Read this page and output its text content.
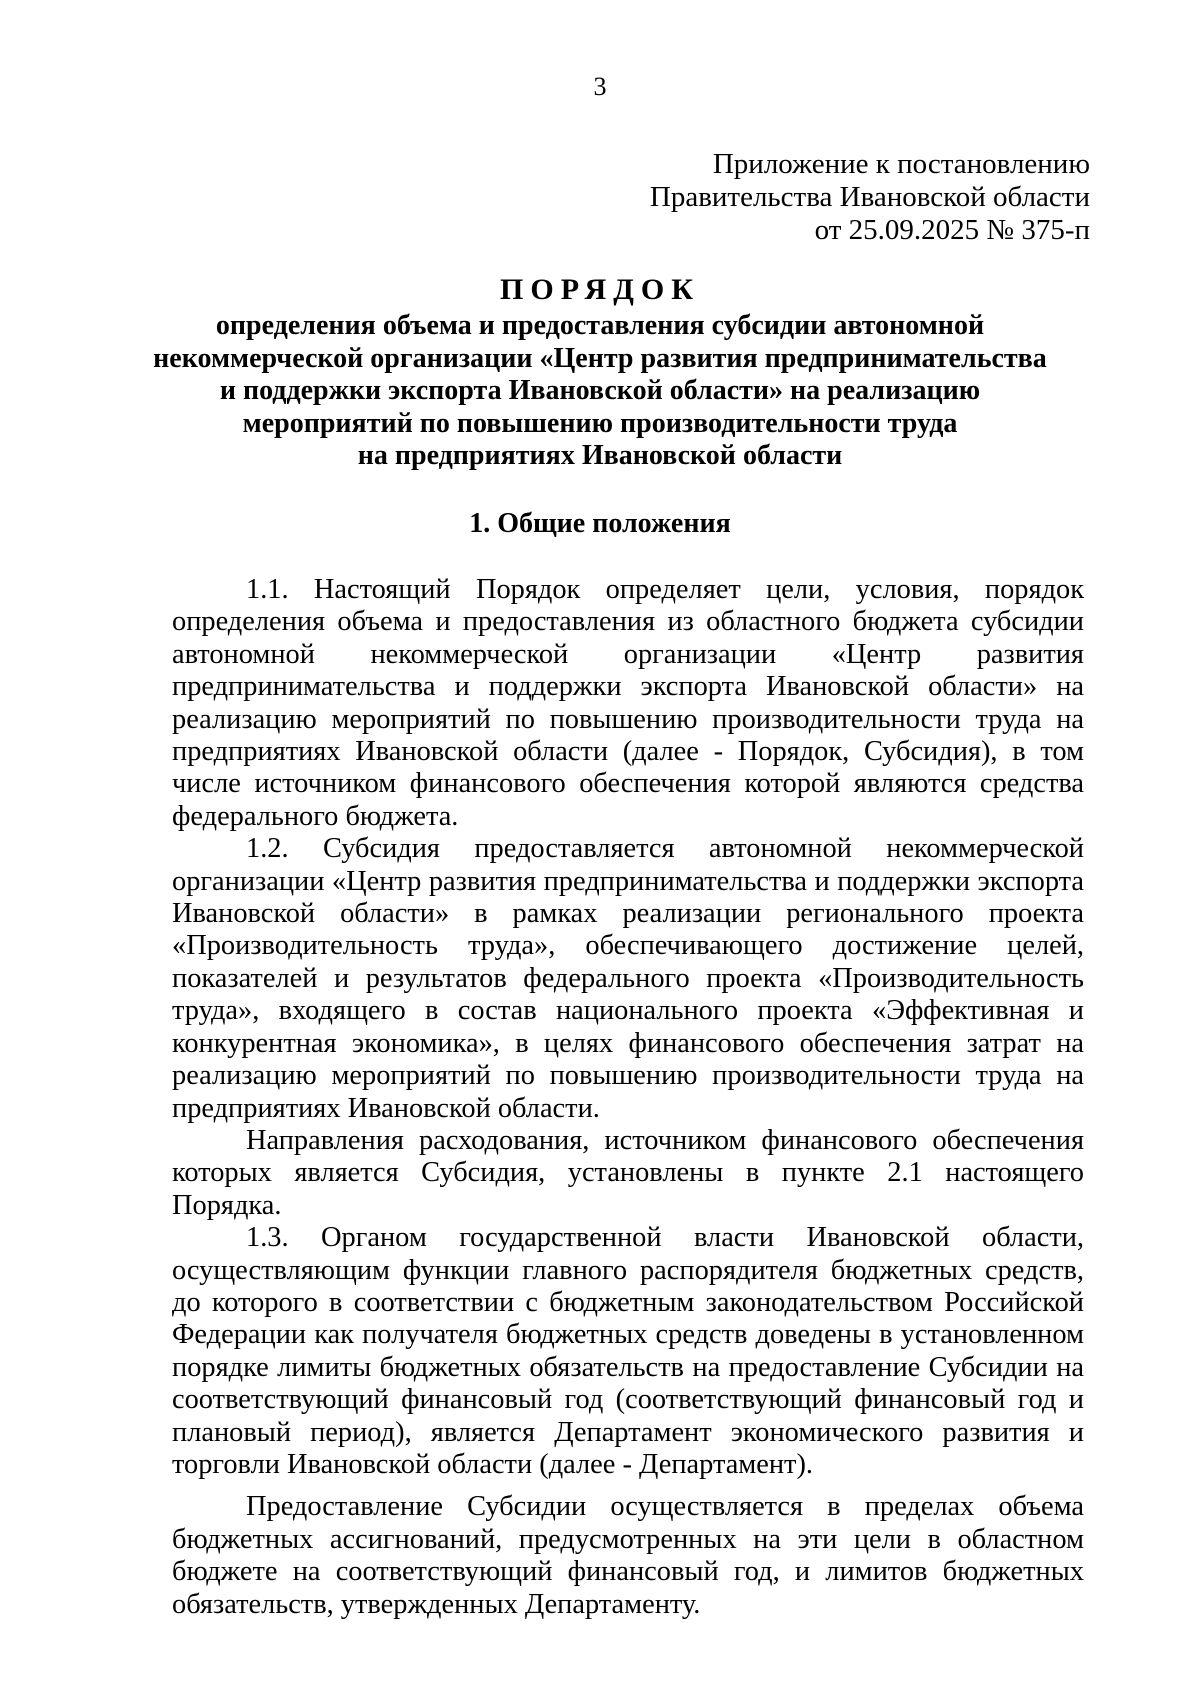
3
Приложение к постановлению
Правительства Ивановской области
от 25.09.2025 № 375-п
ПОРЯДОК
определения объема и предоставления субсидии автономной
некоммерческой организации «Центр развития предпринимательства
и поддержки экспорта Ивановской области» на реализацию
мероприятий по повышению производительности труда
на предприятиях Ивановской области
1. Общие положения

1.1. Настоящий Порядок определяет цели, условия, порядок определения объема и предоставления из областного бюджета субсидии автономной некоммерческой организации «Центр развития предпринимательства и поддержки экспорта Ивановской области» на реализацию мероприятий по повышению производительности труда на предприятиях Ивановской области (далее - Порядок, Субсидия), в том числе источником финансового обеспечения которой являются средства федерального бюджета.

1.2. Субсидия предоставляется автономной некоммерческой организации «Центр развития предпринимательства и поддержки экспорта Ивановской области» в рамках реализации регионального проекта «Производительность труда», обеспечивающего достижение целей, показателей и результатов федерального проекта «Производительность труда», входящего в состав национального проекта «Эффективная и конкурентная экономика», в целях финансового обеспечения затрат на реализацию мероприятий по повышению производительности труда на предприятиях Ивановской области.

Направления расходования, источником финансового обеспечения которых является Субсидия, установлены в пункте 2.1 настоящего Порядка.

1.3. Органом государственной власти Ивановской области, осуществляющим функции главного распорядителя бюджетных средств, до которого в соответствии с бюджетным законодательством Российской Федерации как получателя бюджетных средств доведены в установленном порядке лимиты бюджетных обязательств на предоставление Субсидии на соответствующий финансовый год (соответствующий финансовый год и плановый период), является Департамент экономического развития и торговли Ивановской области (далее - Департамент).

Предоставление Субсидии осуществляется в пределах объема бюджетных ассигнований, предусмотренных на эти цели в областном бюджете на соответствующий финансовый год, и лимитов бюджетных обязательств, утвержденных Департаменту.
